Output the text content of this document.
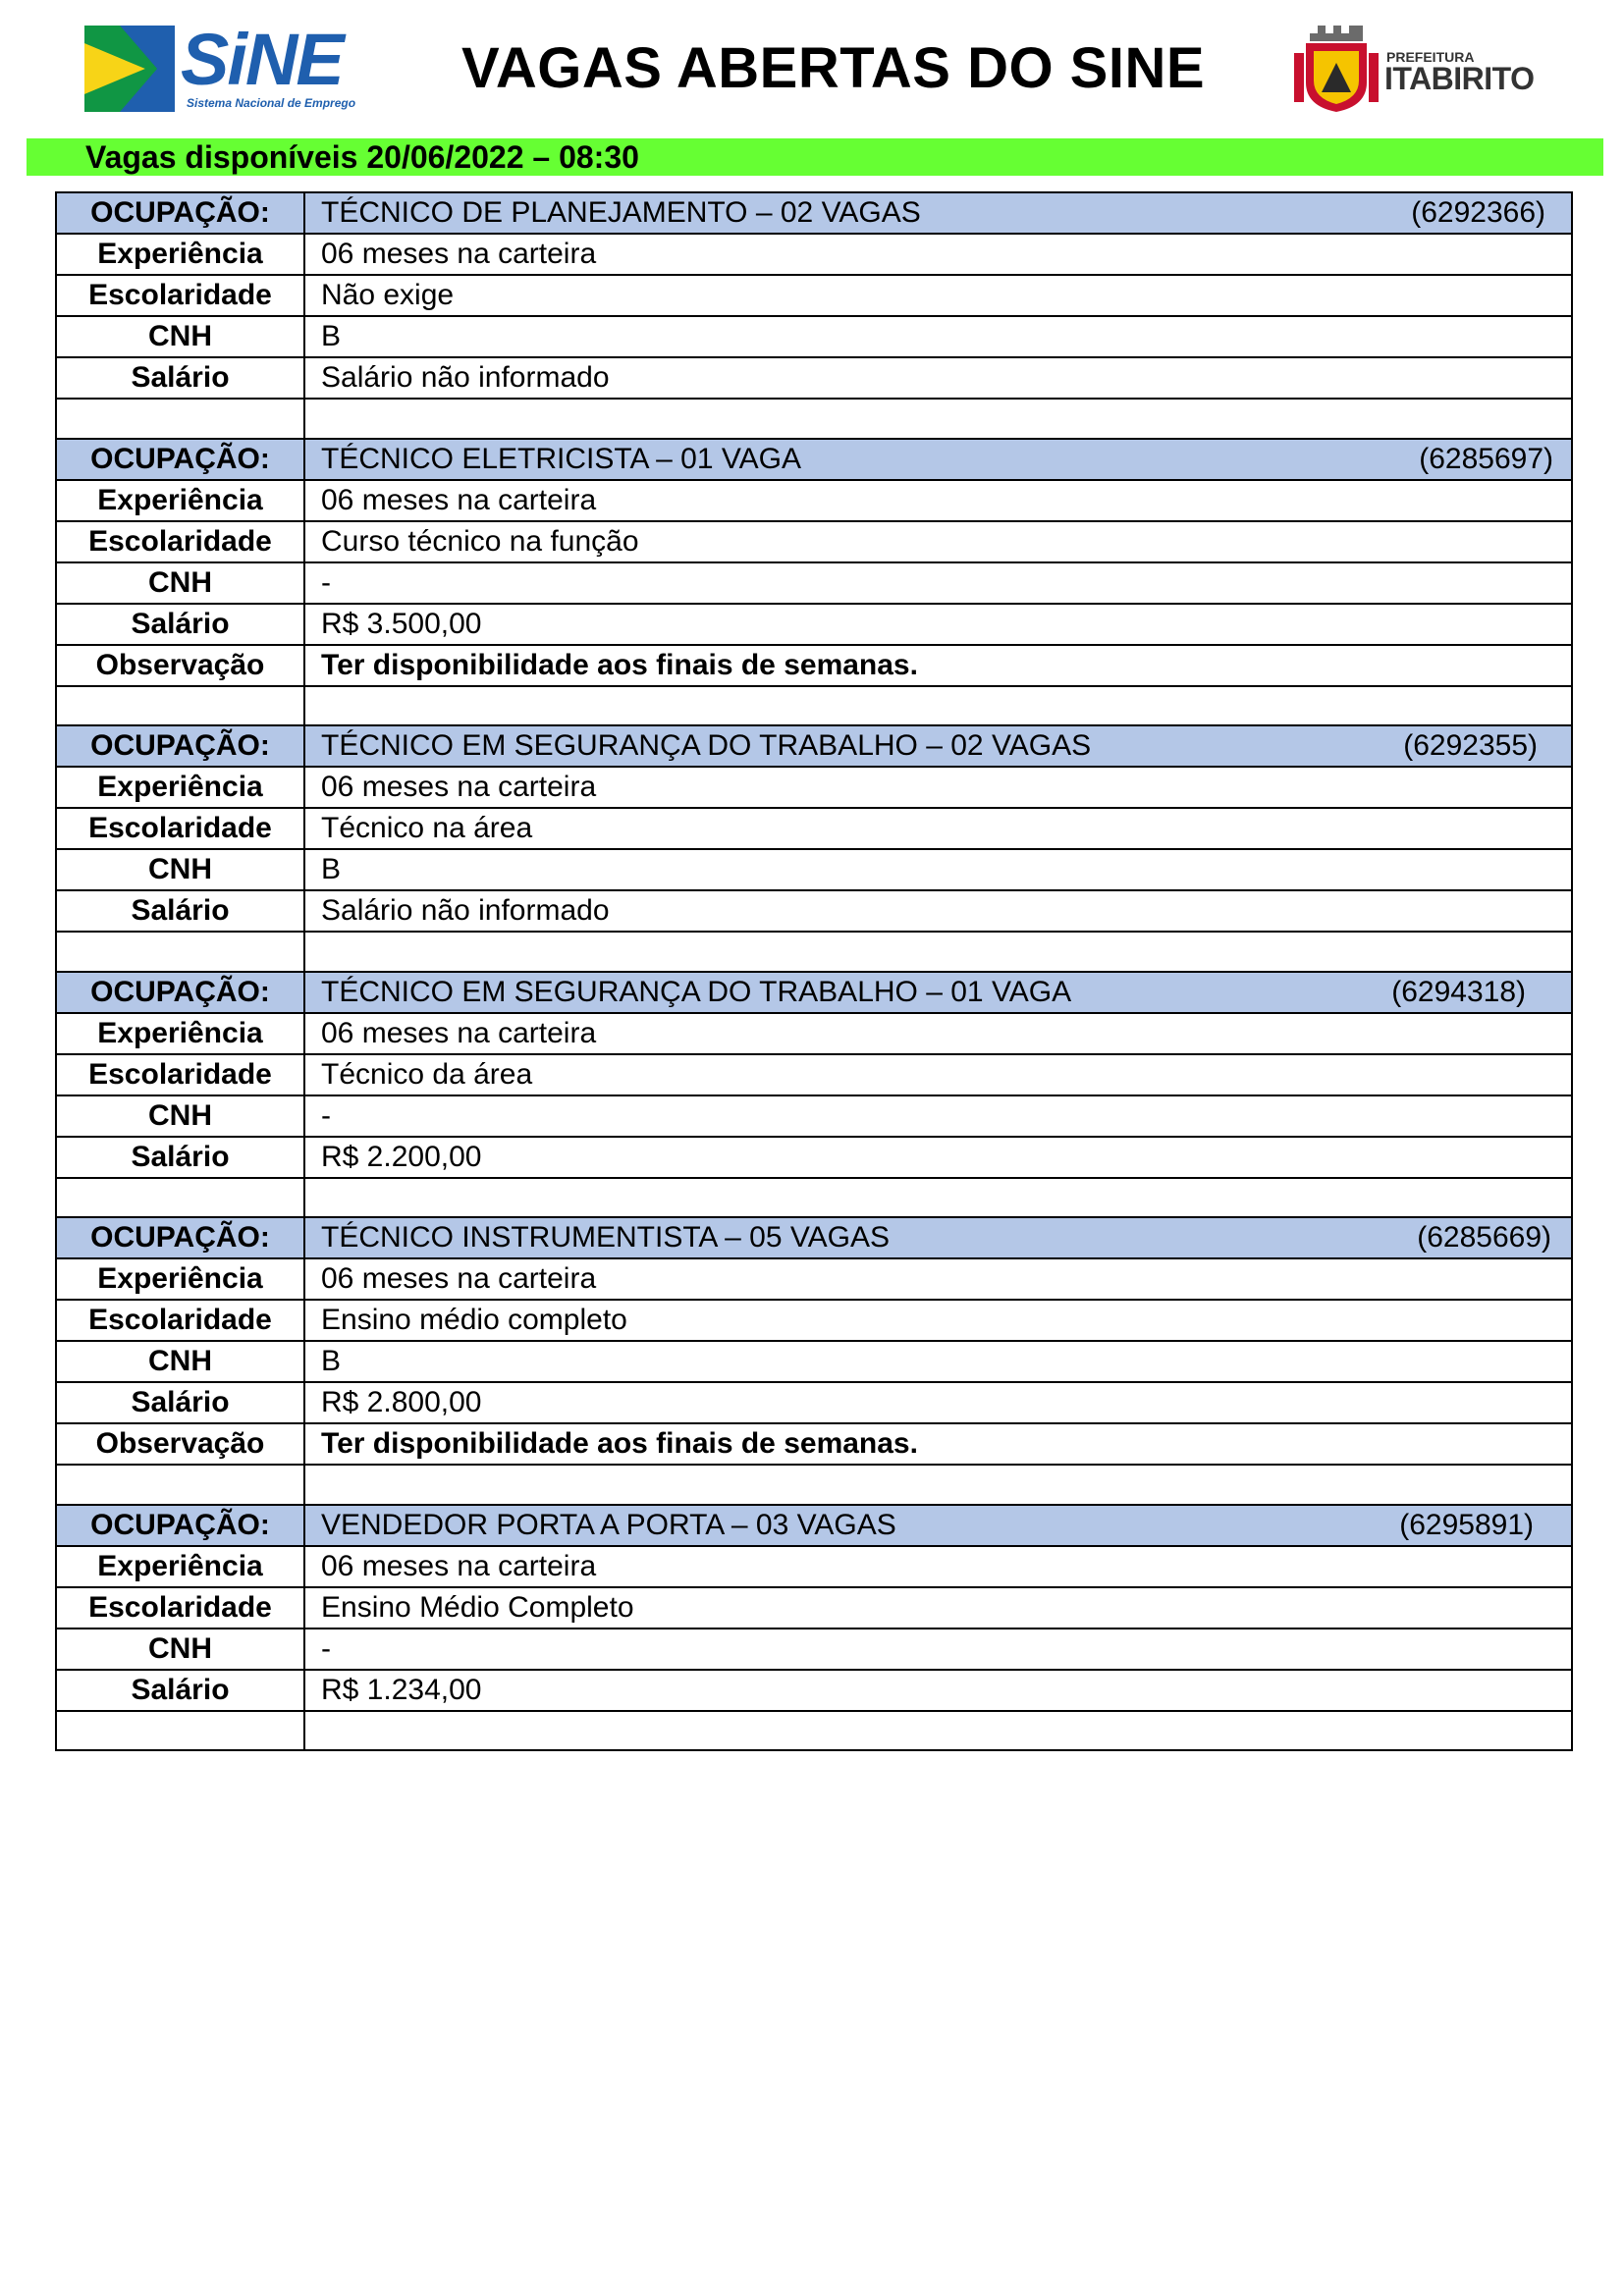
SiNE
Sistema Nacional de Emprego
VAGAS ABERTAS DO SINE	PREFEITURA
ITABIRITO
Vagas disponíveis 20/06/2022 – 08:30
OCUPAÇÃO:	TÉCNICO DE PLANEJAMENTO – 02 VAGAS (6292366)

Experiência	06 meses na carteira
Escolaridade	Não exige
CNH	B
Salário	Salário não informado

OCUPAÇÃO:	TÉCNICO ELETRICISTA – 01 VAGA (6285697)

Experiência	06 meses na carteira
Escolaridade	Curso técnico na função
CNH	-
Salário	R$ 3.500,00
Observação	Ter disponibilidade aos finais de semanas.

OCUPAÇÃO:	TÉCNICO EM SEGURANÇA DO TRABALHO – 02 VAGAS (6292355)

Experiência	06 meses na carteira
Escolaridade	Técnico na área
CNH	B
Salário	Salário não informado

OCUPAÇÃO:	TÉCNICO EM SEGURANÇA DO TRABALHO – 01 VAGA (6294318)

Experiência	06 meses na carteira
Escolaridade	Técnico da área
CNH	-
Salário	R$ 2.200,00

OCUPAÇÃO:	TÉCNICO INSTRUMENTISTA – 05 VAGAS (6285669)

Experiência	06 meses na carteira
Escolaridade	Ensino médio completo
CNH	B
Salário	R$ 2.800,00
Observação	Ter disponibilidade aos finais de semanas.

OCUPAÇÃO:	VENDEDOR PORTA A PORTA – 03 VAGAS (6295891)

Experiência	06 meses na carteira
Escolaridade	Ensino Médio Completo
CNH	-
Salário	R$ 1.234,00
